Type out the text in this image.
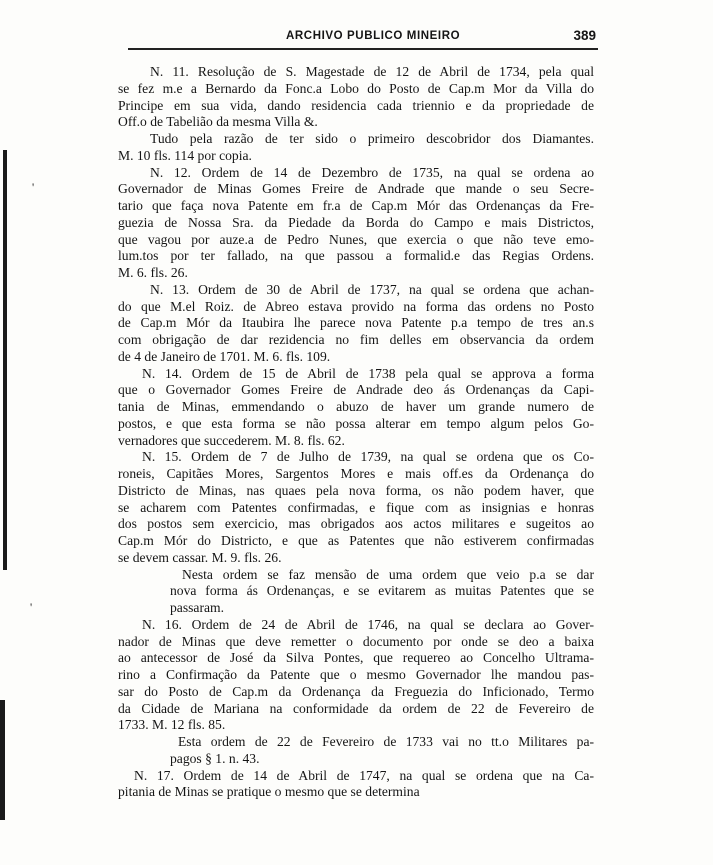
'
'
ARCHIVO PUBLICO MINEIRO	389
N. 11. Resolução de S. Magestade de 12 de Abril de 1734, pela qual
se fez m.e a Bernardo da Fonc.a Lobo do Posto de Cap.m Mor da Villa do
Principe em sua vida, dando residencia cada triennio e da propriedade de
Off.o de Tabelião da mesma Villa &.
Tudo pela razão de ter sido o primeiro descobridor dos Diamantes.
M. 10 fls. 114 por copia.
N. 12. Ordem de 14 de Dezembro de 1735, na qual se ordena ao
Governador de Minas Gomes Freire de Andrade que mande o seu Secre-
tario que faça nova Patente em fr.a de Cap.m Mór das Ordenanças da Fre-
guezia de Nossa Sra. da Piedade da Borda do Campo e mais Districtos,
que vagou por auze.a de Pedro Nunes, que exercia o que não teve emo-
lum.tos por ter fallado, na que passou a formalid.e das Regias Ordens.
M. 6. fls. 26.
N. 13. Ordem de 30 de Abril de 1737, na qual se ordena que achan-
do que M.el Roiz. de Abreo estava provido na forma das ordens no Posto
de Cap.m Mór da Itaubira lhe parece nova Patente p.a tempo de tres an.s
com obrigação de dar rezidencia no fim delles em observancia da ordem
de 4 de Janeiro de 1701. M. 6. fls. 109.
N. 14. Ordem de 15 de Abril de 1738 pela qual se approva a forma
que o Governador Gomes Freire de Andrade deo ás Ordenanças da Capi-
tania de Minas, emmendando o abuzo de haver um grande numero de
postos, e que esta forma se não possa alterar em tempo algum pelos Go-
vernadores que succederem. M. 8. fls. 62.
N. 15. Ordem de 7 de Julho de 1739, na qual se ordena que os Co-
roneis, Capitães Mores, Sargentos Mores e mais off.es da Ordenança do
Districto de Minas, nas quaes pela nova forma, os não podem haver, que
se acharem com Patentes confirmadas, e fique com as insignias e honras
dos postos sem exercicio, mas obrigados aos actos militares e sugeitos ao
Cap.m Mór do Districto, e que as Patentes que não estiverem confirmadas
se devem cassar. M. 9. fls. 26.
Nesta ordem se faz mensão de uma ordem que veio p.a se dar
nova forma ás Ordenanças, e se evitarem as muitas Patentes que se
passaram.
N. 16. Ordem de 24 de Abril de 1746, na qual se declara ao Gover-
nador de Minas que deve remetter o documento por onde se deo a baixa
ao antecessor de José da Silva Pontes, que requereo ao Concelho Ultrama-
rino a Confirmação da Patente que o mesmo Governador lhe mandou pas-
sar do Posto de Cap.m da Ordenança da Freguezia do Inficionado, Termo
da Cidade de Mariana na conformidade da ordem de 22 de Fevereiro de
1733. M. 12 fls. 85.
Esta ordem de 22 de Fevereiro de 1733 vai no tt.o Militares pa-
pagos § 1. n. 43.
N. 17. Ordem de 14 de Abril de 1747, na qual se ordena que na Ca-
pitania de Minas se pratique o mesmo que se determina
